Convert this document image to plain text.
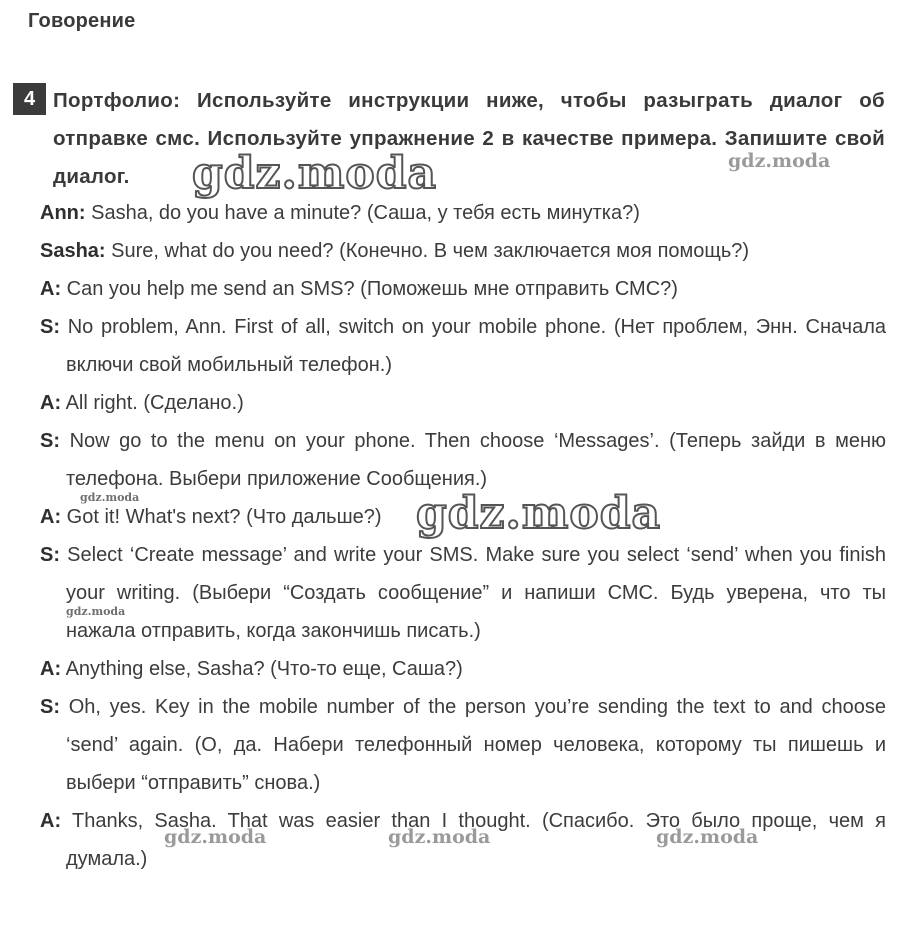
Говорение
4 Портфолио: Используйте инструкции ниже, чтобы разыграть диалог об отправке смс. Используйте упражнение 2 в качестве примера. Запишите свой диалог.
Ann: Sasha, do you have a minute? (Саша, у тебя есть минутка?)
Sasha: Sure, what do you need? (Конечно. В чем заключается моя помощь?)
A: Can you help me send an SMS? (Поможешь мне отправить СМС?)
S: No problem, Ann. First of all, switch on your mobile phone. (Нет проблем, Энн. Сначала включи свой мобильный телефон.)
A: All right. (Сделано.)
S: Now go to the menu on your phone. Then choose ‘Messages’. (Теперь зайди в меню телефона. Выбери приложение Сообщения.)
A: Got it! What's next? (Что дальше?)
S: Select ‘Create message’ and write your SMS. Make sure you select ‘send’ when you finish your writing. (Выбери “Создать сообщение” и напиши СМС. Будь уверена, что ты нажала отправить, когда закончишь писать.)
A: Anything else, Sasha? (Что-то еще, Саша?)
S: Oh, yes. Key in the mobile number of the person you’re sending the text to and choose ‘send’ again. (О, да. Набери телефонный номер человека, которому ты пишешь и выбери “отправить” снова.)
A: Thanks, Sasha. That was easier than I thought. (Спасибо. Это было проще, чем я думала.)
gdz.moda	gdz.moda
gdz.moda	gdz.moda
gdz.moda
gdz.moda	gdz.moda	gdz.moda
